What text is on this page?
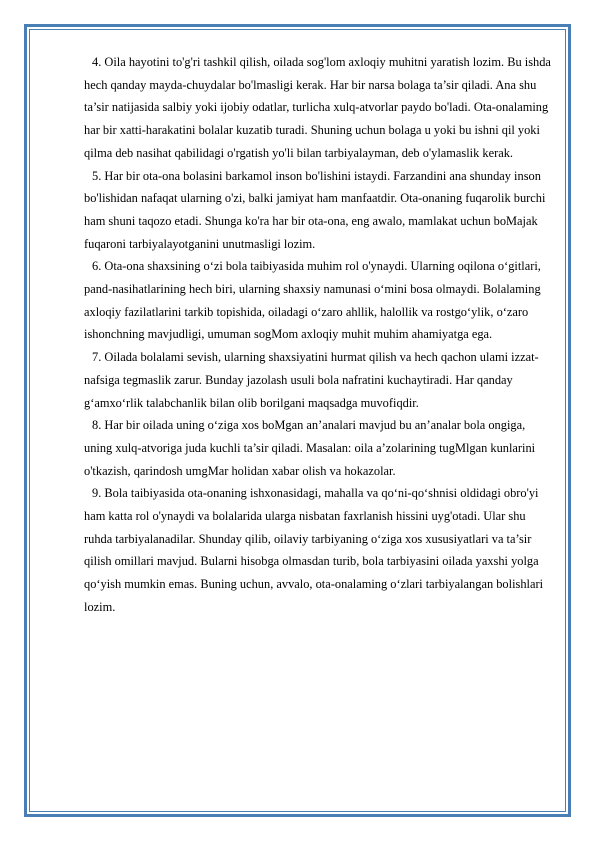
4. Oila hayotini to'g'ri tashkil qilish, oilada sog'lom axloqiy muhitni yaratish lozim. Bu ishda hech qanday mayda-chuydalar bo'lmasligi kerak. Har bir narsa bolaga ta’sir qiladi. Ana shu ta’sir natijasida salbiy yoki ijobiy odatlar, turlicha xulq-atvorlar paydo bo'ladi. Ota-onalaming har bir xatti-harakatini bolalar kuzatib turadi. Shuning uchun bolaga u yoki bu ishni qil yoki qilma deb nasihat qabilidagi o'rgatish yo'li bilan tarbiyalayman, deb o'ylamaslik kerak.

5. Har bir ota-ona bolasini barkamol inson bo'lishini istaydi. Farzandini ana shunday inson bo'lishidan nafaqat ularning o'zi, balki jamiyat ham manfaatdir. Ota-onaning fuqarolik burchi ham shuni taqozo etadi. Shunga ko'ra har bir ota-ona, eng awalo, mamlakat uchun boMajak fuqaroni tarbiyalayotganini unutmasligi lozim.

6. Ota-ona shaxsining o‘zi bola taibiyasida muhim rol o'ynaydi. Ularning oqilona o‘gitlari, pand-nasihatlarining hech biri, ularning shaxsiy namunasi o‘mini bosa olmaydi. Bolalaming axloqiy fazilatlarini tarkib topishida, oiladagi o‘zaro ahllik, halollik va rostgo‘ylik, o‘zaro ishonchning mavjudligi, umuman sogMom axloqiy muhit muhim ahamiyatga ega.

7. Oilada bolalami sevish, ularning shaxsiyatini hurmat qilish va hech qachon ulami izzat-nafsiga tegmaslik zarur. Bunday jazolash usuli bola nafratini kuchaytiradi. Har qanday g‘amxo‘rlik talabchanlik bilan olib borilgani maqsadga muvofiqdir.

8. Har bir oilada uning o‘ziga xos boMgan an’analari mavjud bu an’analar bola ongiga, uning xulq-atvoriga juda kuchli ta’sir qiladi. Masalan: oila a’zolarining tugMlgan kunlarini o'tkazish, qarindosh umgMar holidan xabar olish va hokazolar.

9. Bola taibiyasida ota-onaning ishxonasidagi, mahalla va qo‘ni-qo‘shnisi oldidagi obro'yi ham katta rol o'ynaydi va bolalarida ularga nisbatan faxrlanish hissini uyg'otadi. Ular shu ruhda tarbiyalanadilar. Shunday qilib, oilaviy tarbiyaning o‘ziga xos xususiyatlari va ta’sir qilish omillari mavjud. Bularni hisobga olmasdan turib, bola tarbiyasini oilada yaxshi yolga qo‘yish mumkin emas. Buning uchun, avvalo, ota-onalaming o‘zlari tarbiyalangan bolishlari lozim.
